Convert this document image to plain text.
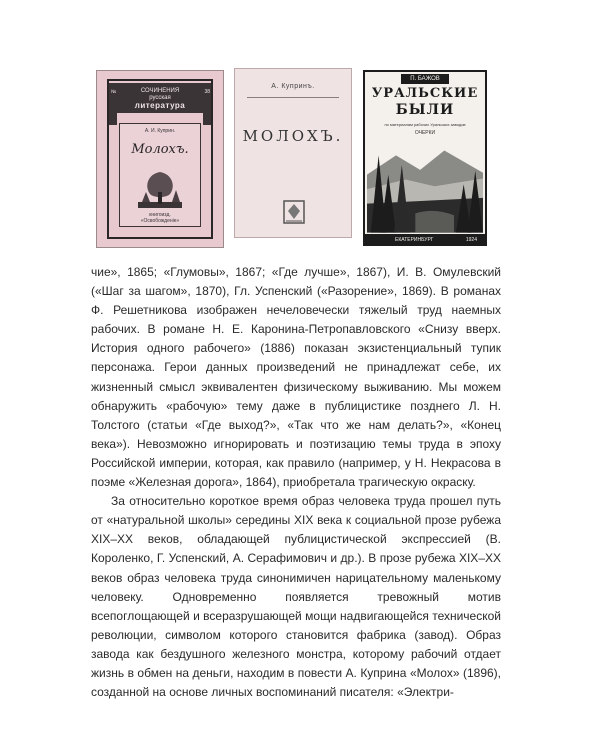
СОЧИНЕНИЯ
русская
литература
№	38
А. И. Куприн.
Молохъ.
книгоизд.
«Освобожденіе»
А. Купринъ.
МОЛОХЪ.
П. БАЖОВ
УРАЛЬСКИЕ
БЫЛИ
по материалам рабочих Уральских заводов
ОЧЕРКИ
ЕКАТЕРИНБУРГ	1924

чие», 1865; «Глумовы», 1867; «Где лучше», 1867), И. В. Омулевский («Шаг за шагом», 1870), Гл. Успенский («Разорение», 1869). В романах Ф. Решетникова изображен нечеловечески тяжелый труд наемных рабочих. В романе Н. Е. Каронина-Петропавловского «Снизу вверх. История одного рабочего» (1886) показан экзистенциальный тупик персонажа. Герои данных произведений не принадлежат себе, их жизненный смысл эквивалентен физическому выживанию. Мы можем обнаружить «рабочую» тему даже в публицистике позднего Л. Н. Толстого (статьи «Где выход?», «Так что же нам делать?», «Конец века»). Невозможно игнорировать и поэтизацию темы труда в эпоху Российской империи, которая, как правило (например, у Н. Некрасова в поэме «Железная дорога», 1864), приобретала трагическую окраску.

За относительно короткое время образ человека труда прошел путь от «натуральной школы» середины XIX века к социальной прозе рубежа XIX–XX веков, обладающей публицистической экспрессией (В. Короленко, Г. Успенский, А. Серафимович и др.). В прозе рубежа XIX–XX веков образ человека труда синонимичен нарицательному маленькому человеку. Одновременно появляется тревожный мотив всепоглощающей и всеразрушающей мощи надвигающейся технической революции, символом которого становится фабрика (завод). Образ завода как бездушного железного монстра, которому рабочий отдает жизнь в обмен на деньги, находим в повести А. Куприна «Молох» (1896), созданной на основе личных воспоминаний писателя: «Электри-
